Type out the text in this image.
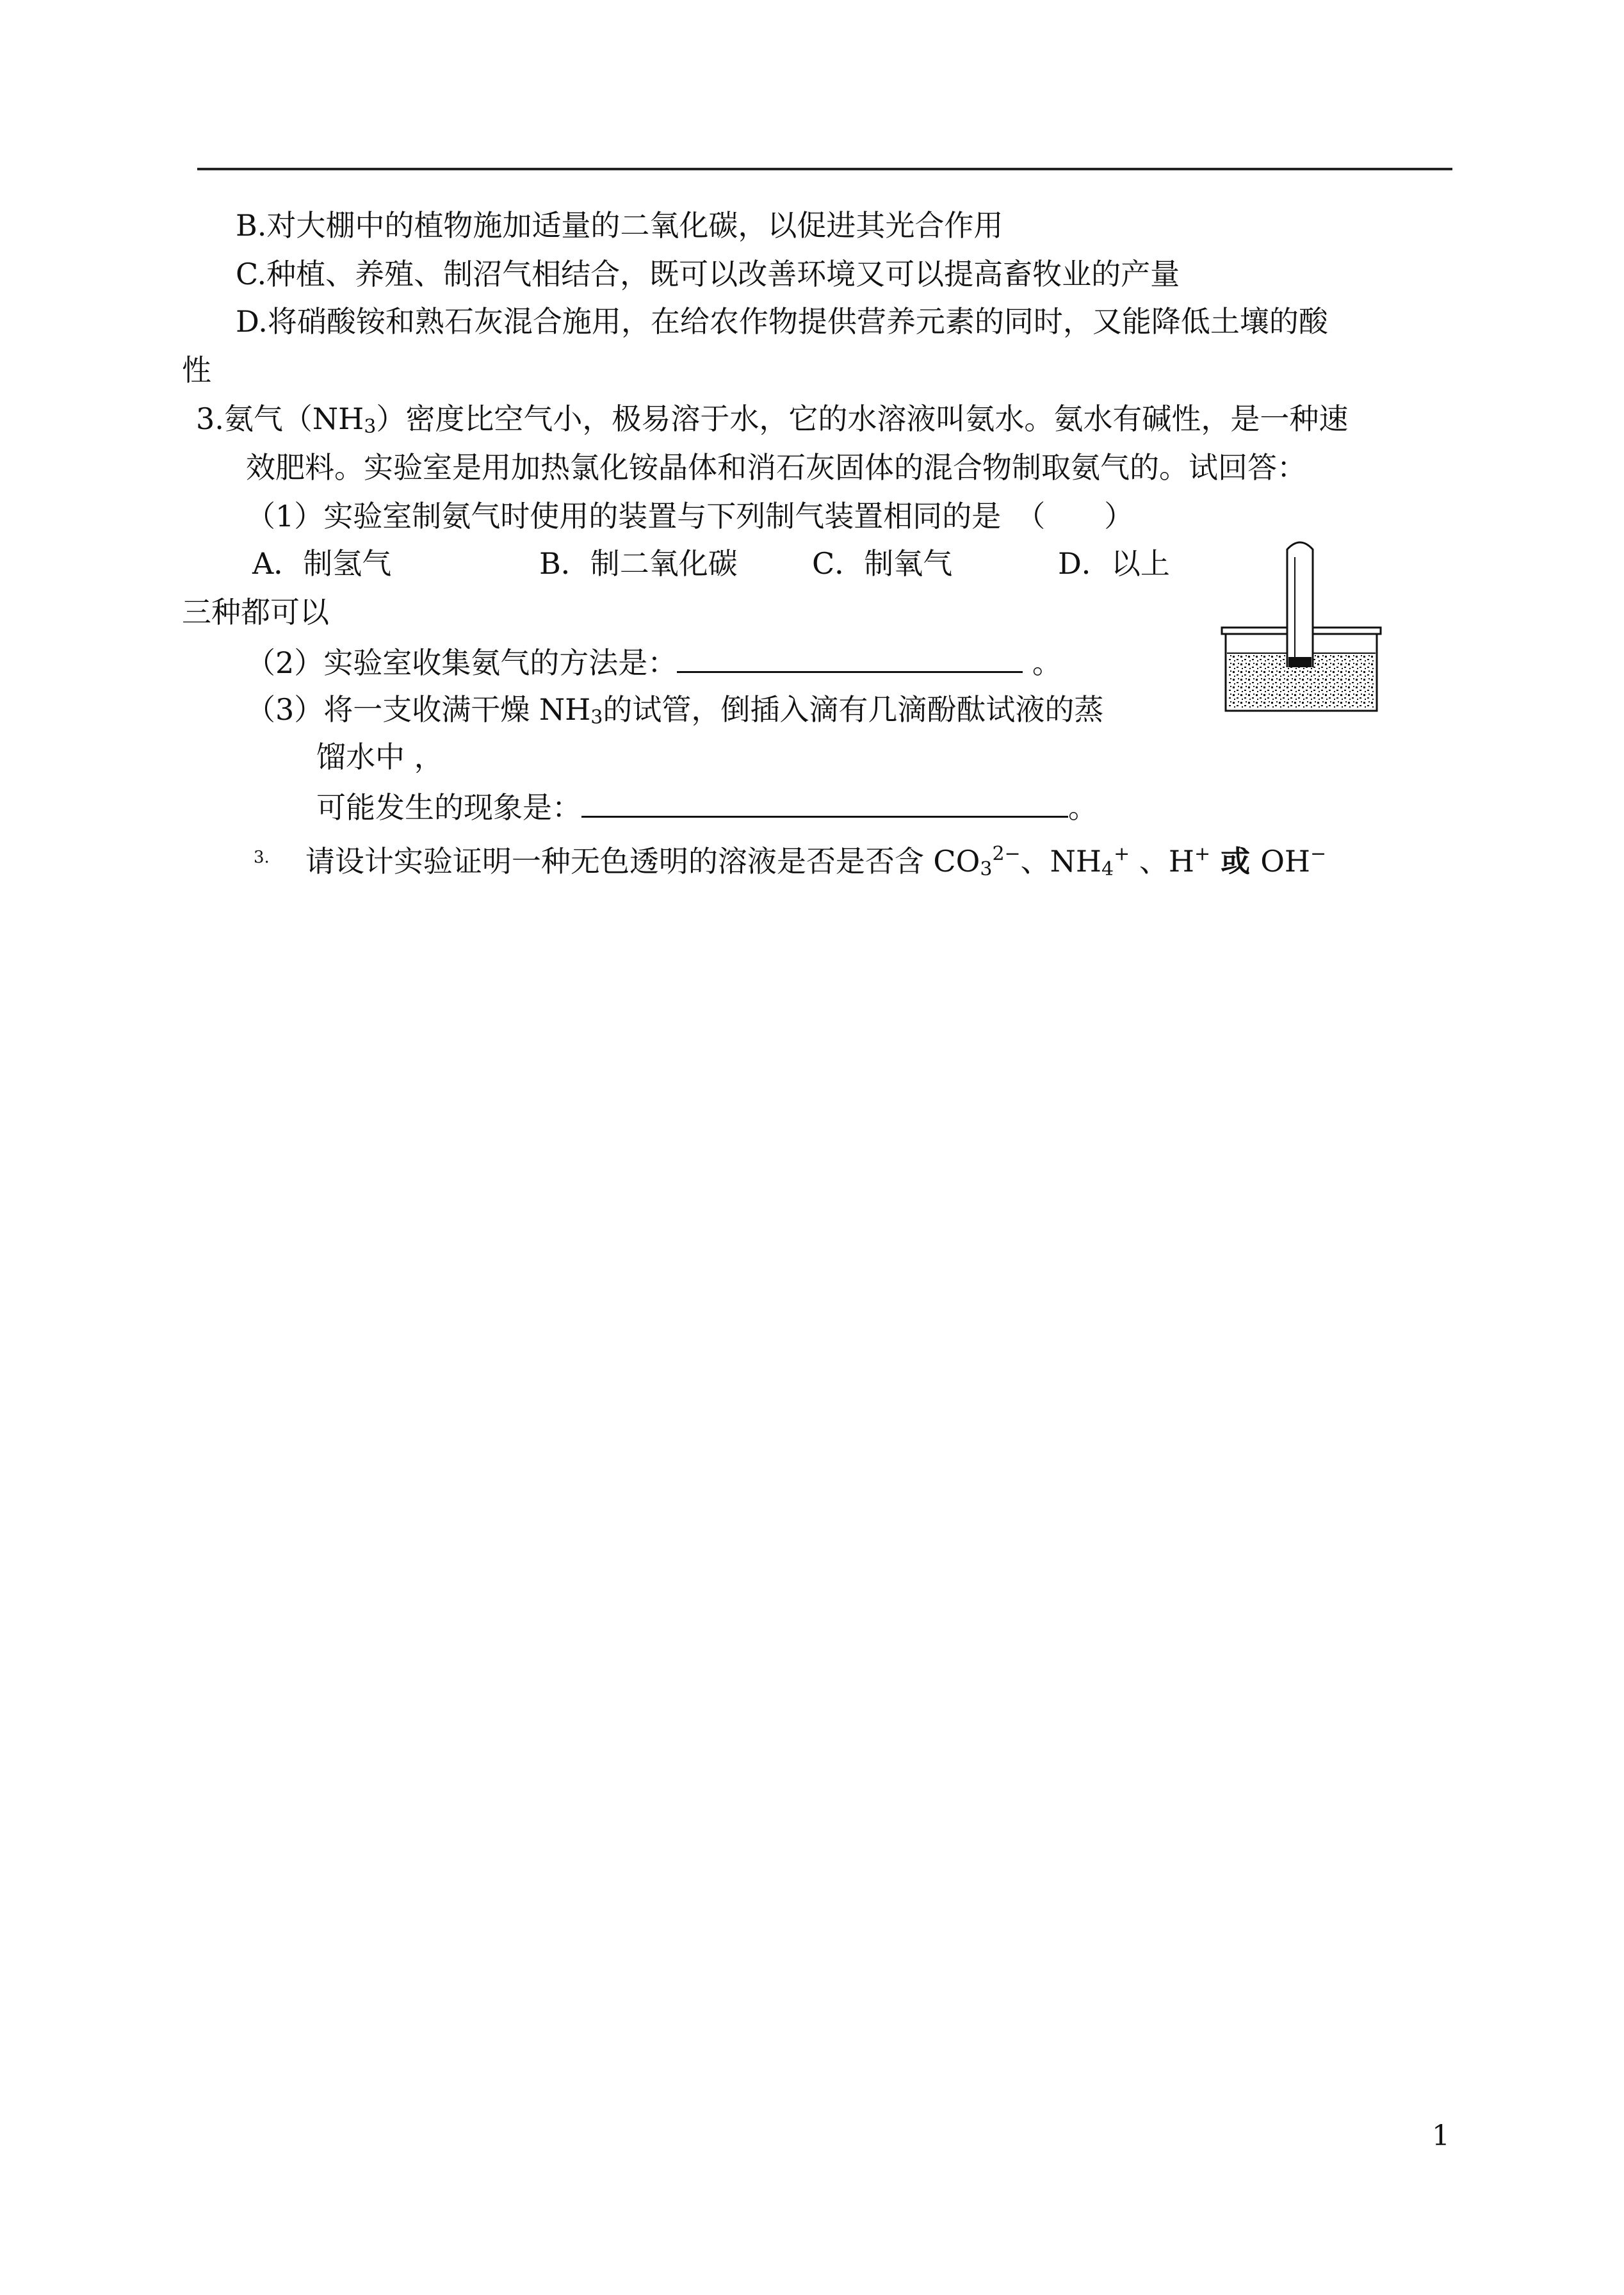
B.对大棚中的植物施加适量的二氧化碳，以促进其光合作用
C.种植、养殖、制沼气相结合，既可以改善环境又可以提高畜牧业的产量
D.将硝酸铵和熟石灰混合施用，在给农作物提供营养元素的同时，又能降低土壤的酸
性
3.氨气$(NH_3)$密度比空气小，极易溶于水，它的水溶液叫氨水。氨水有碱性，是一种速
效肥料。实验室是用加热氯化铵晶体和消石灰固体的混合物制取氨气的。试回答：
（1）实验室制氨气时使用的装置与下列制气装置相同的是　（　　）
A．制氢气	B．制二氧化碳	C．制氧气	D．以上
三种都可以
（2）实验室收集氨气的方法是：	。
（3）将一支收满干燥 $NH_3$的试管，倒插入滴有几滴酚酞试液的蒸
馏水中 ，
可能发生的现象是：	。
$^{3.}$ 请设计实验证明一种无色透明的溶液是否是否含 $CO_3^{2-}$、$NH_4^+$ 、H+ 或 OH−
1
